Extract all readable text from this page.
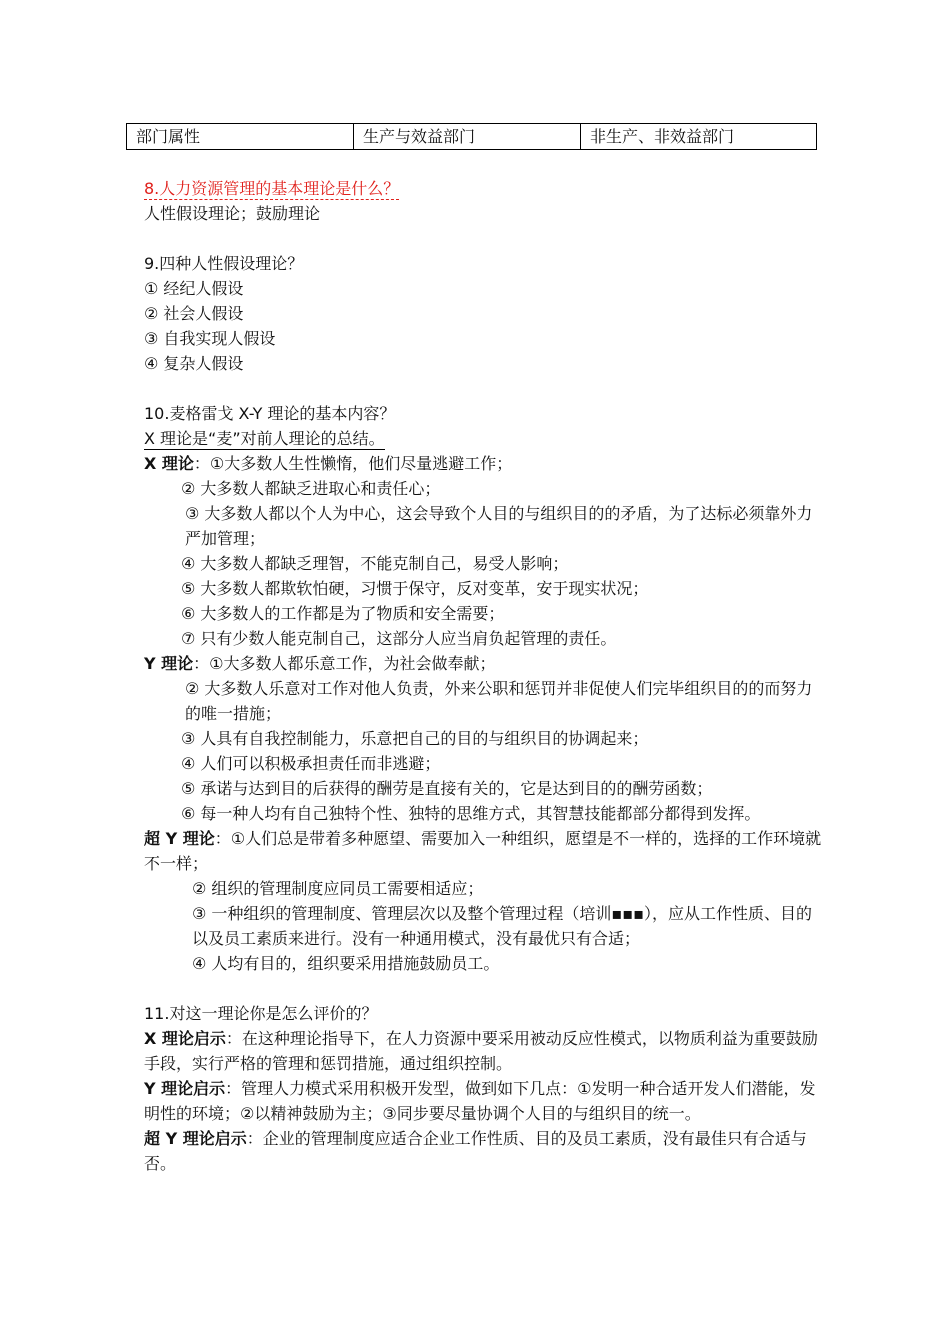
部门属性	生产与效益部门	非生产、非效益部门
8.人力资源管理的基本理论是什么？
人性假设理论；鼓励理论
9.四种人性假设理论？
① 经纪人假设
② 社会人假设
③ 自我实现人假设
④ 复杂人假设
10.麦格雷戈 X-Y 理论的基本内容？
X 理论是“麦”对前人理论的总结。
X 理论：①大多数人生性懒惰，他们尽量逃避工作；
② 大多数人都缺乏进取心和责任心；
③ 大多数人都以个人为中心，这会导致个人目的与组织目的的矛盾，为了达标必须靠外力严加管理；
④ 大多数人都缺乏理智，不能克制自己，易受人影响；
⑤ 大多数人都欺软怕硬，习惯于保守，反对变革，安于现实状况；
⑥ 大多数人的工作都是为了物质和安全需要；
⑦ 只有少数人能克制自己，这部分人应当肩负起管理的责任。
Y 理论：①大多数人都乐意工作，为社会做奉献；
② 大多数人乐意对工作对他人负责，外来公职和惩罚并非促使人们完毕组织目的的而努力的唯一措施；
③ 人具有自我控制能力，乐意把自己的目的与组织目的协调起来；
④ 人们可以积极承担责任而非逃避；
⑤ 承诺与达到目的后获得的酬劳是直接有关的，它是达到目的的酬劳函数；
⑥ 每一种人均有自己独特个性、独特的思维方式，其智慧技能都部分都得到发挥。
超 Y 理论：①人们总是带着多种愿望、需要加入一种组织，愿望是不一样的，选择的工作环境就不一样；
② 组织的管理制度应同员工需要相适应；
③ 一种组织的管理制度、管理层次以及整个管理过程（培训▪▪▪），应从工作性质、目的以及员工素质来进行。没有一种通用模式，没有最优只有合适；
④ 人均有目的，组织要采用措施鼓励员工。
11.对这一理论你是怎么评价的？
X 理论启示：在这种理论指导下，在人力资源中要采用被动反应性模式，以物质利益为重要鼓励手段，实行严格的管理和惩罚措施，通过组织控制。
Y 理论启示：管理人力模式采用积极开发型，做到如下几点：①发明一种合适开发人们潜能，发明性的环境；②以精神鼓励为主；③同步要尽量协调个人目的与组织目的统一。
超 Y 理论启示：企业的管理制度应适合企业工作性质、目的及员工素质，没有最佳只有合适与否。
